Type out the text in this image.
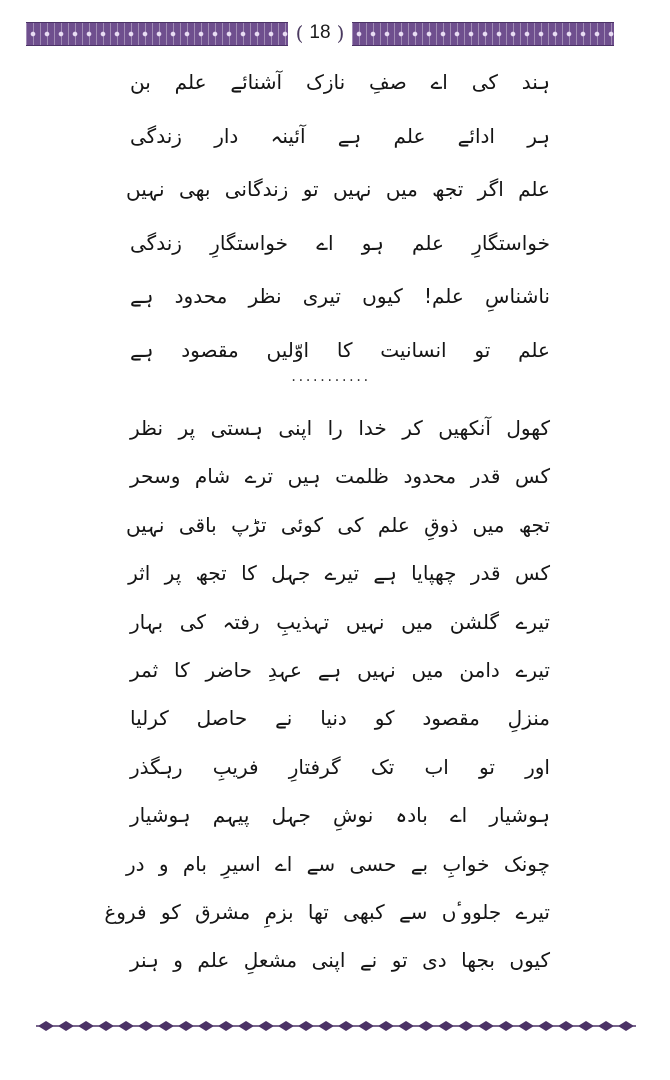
( 18 )
ہند کی اے صفِ نازک آشنائے علم بن
ہر ادائے علم ہے آئینہ دار زندگی
علم اگر تجھ میں نہیں تو زندگانی بھی نہیں
خواستگارِ علم ہو اے خواستگارِ زندگی
ناشناسِ علم! کیوں تیری نظر محدود ہے
علم تو انسانیت کا اوّلیں مقصود ہے
...........
کھول آنکھیں کر خدا را اپنی ہستی پر نظر
کس قدر محدود ظلمت ہیں ترے شام وسحر
تجھ میں ذوقِ علم کی کوئی تڑپ باقی نہیں
کس قدر چھپایا ہے تیرے جہل کا تجھ پر اثر
تیرے گلشن میں نہیں تہذیبِ رفتہ کی بہار
تیرے دامن میں نہیں ہے عہدِ حاضر کا ثمر
منزلِ مقصود کو دنیا نے حاصل کرلیا
اور تو اب تک گرفتارِ فریبِ رہگذر
ہوشیار اے بادہ نوشِ جہل پیہم ہوشیار
چونک خوابِ بے حسی سے اے اسیرِ بام و در
تیرے جلووٴں سے کبھی تھا بزمِ مشرق کو فروغ
کیوں بجھا دی تو نے اپنی مشعلِ علم و ہنر
